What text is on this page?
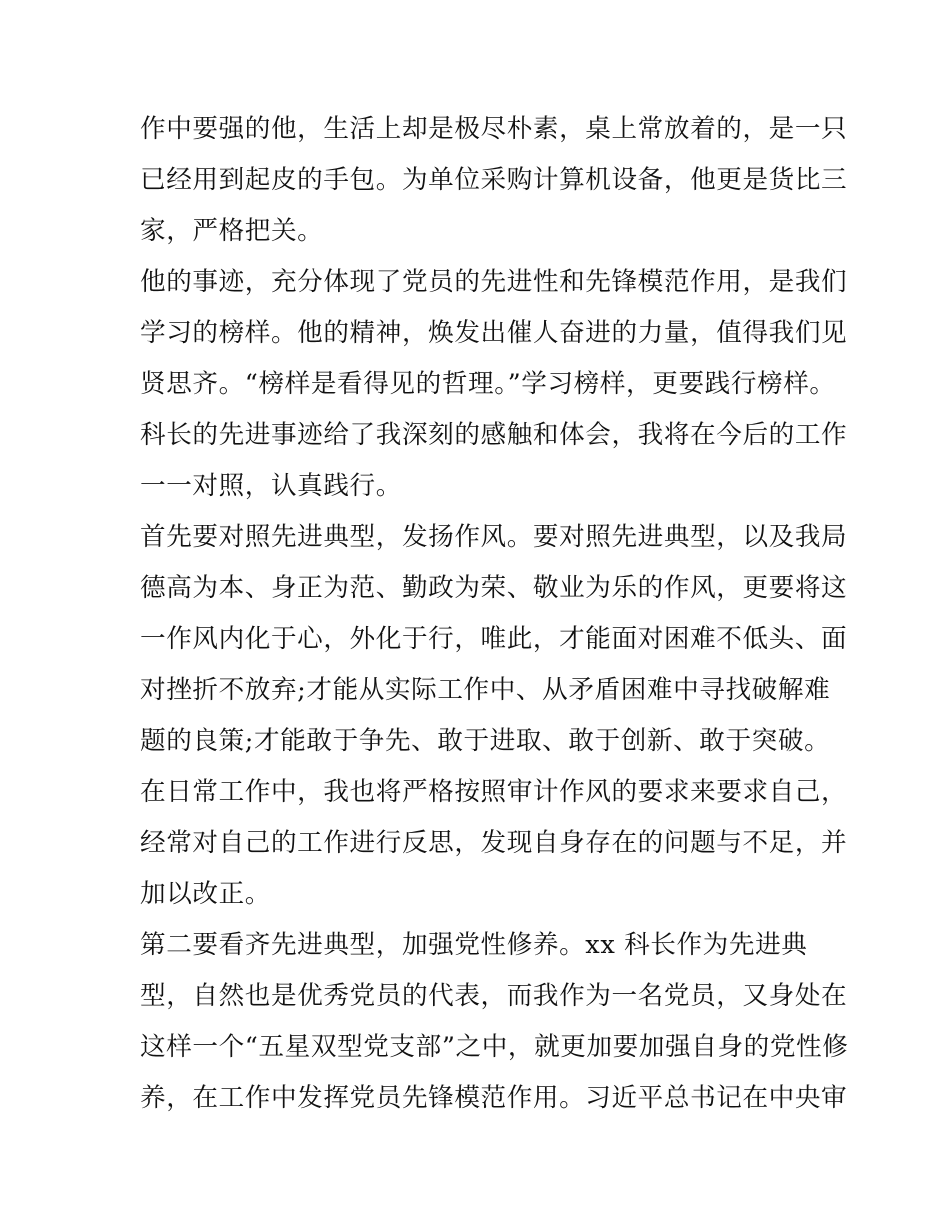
作中要强的他，生活上却是极尽朴素，桌上常放着的，是一只
已经用到起皮的手包。为单位采购计算机设备，他更是货比三
家，严格把关。
他的事迹，充分体现了党员的先进性和先锋模范作用，是我们
学习的榜样。他的精神，焕发出催人奋进的力量，值得我们见
贤思齐。“榜样是看得见的哲理。”学习榜样，更要践行榜样。
科长的先进事迹给了我深刻的感触和体会，我将在今后的工作
一一对照，认真践行。
首先要对照先进典型，发扬作风。要对照先进典型，以及我局
德高为本、身正为范、勤政为荣、敬业为乐的作风，更要将这
一作风内化于心，外化于行，唯此，才能面对困难不低头、面
对挫折不放弃;才能从实际工作中、从矛盾困难中寻找破解难
题的良策;才能敢于争先、敢于进取、敢于创新、敢于突破。
在日常工作中，我也将严格按照审计作风的要求来要求自己，
经常对自己的工作进行反思，发现自身存在的问题与不足，并
加以改正。
第二要看齐先进典型，加强党性修养。xx 科长作为先进典
型，自然也是优秀党员的代表，而我作为一名党员，又身处在
这样一个“五星双型党支部”之中，就更加要加强自身的党性修
养，在工作中发挥党员先锋模范作用。习近平总书记在中央审
